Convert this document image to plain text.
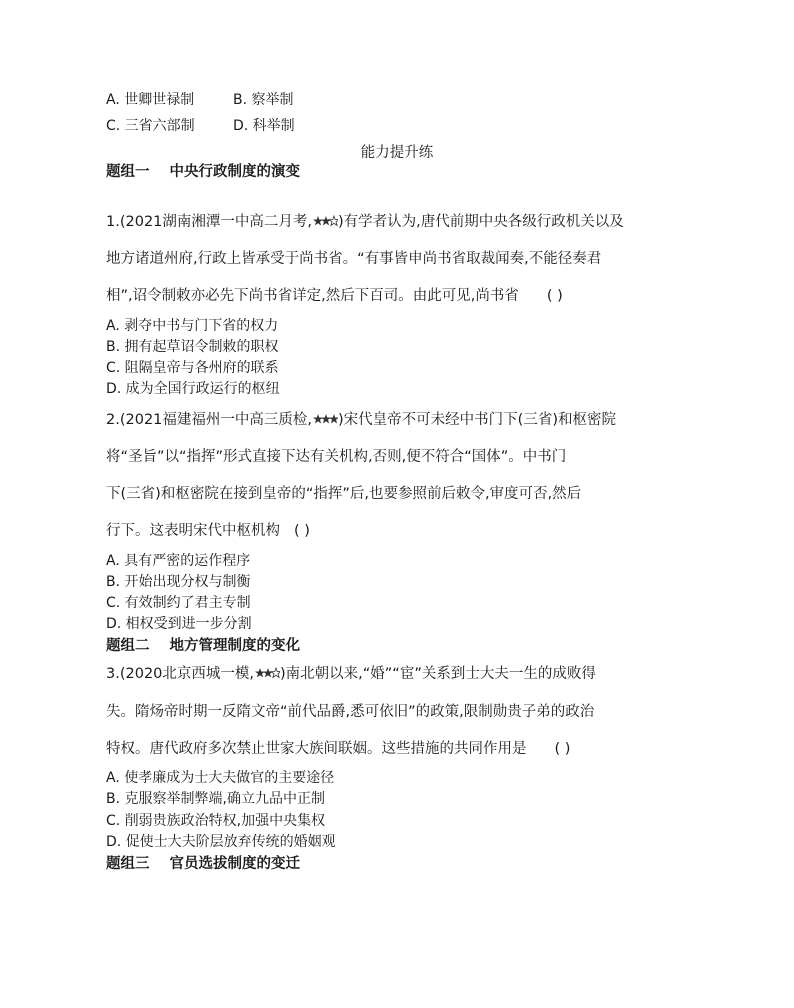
A. 世卿世禄制	B. 察举制
C. 三省六部制	D. 科举制
能力提升练
题组一 中央行政制度的演变
1.(2021湖南湘潭一中高二月考, )有学者认为,唐代前期中央各级行政机关以及
地方诸道州府,行政上皆承受于尚书省。“有事皆申尚书省取裁闻奏,不能径奏君
相”,诏令制敕亦必先下尚书省详定,然后下百司。由此可见,尚书省 ( )
A. 剥夺中书与门下省的权力
B. 拥有起草诏令制敕的职权
C. 阻隔皇帝与各州府的联系
D. 成为全国行政运行的枢纽
2.(2021福建福州一中高三质检, )宋代皇帝不可未经中书门下(三省)和枢密院
将“圣旨”以“指挥”形式直接下达有关机构,否则,便不符合“国体”。中书门
下(三省)和枢密院在接到皇帝的“指挥”后,也要参照前后敕令,审度可否,然后
行下。这表明宋代中枢机构 ( )
A. 具有严密的运作程序
B. 开始出现分权与制衡
C. 有效制约了君主专制
D. 相权受到进一步分割
题组二 地方管理制度的变化
3.(2020北京西城一模, )南北朝以来,“婚”“宦”关系到士大夫一生的成败得
失。隋炀帝时期一反隋文帝“前代品爵,悉可依旧”的政策,限制勋贵子弟的政治
特权。唐代政府多次禁止世家大族间联姻。这些措施的共同作用是 ( )
A. 使孝廉成为士大夫做官的主要途径
B. 克服察举制弊端,确立九品中正制
C. 削弱贵族政治特权,加强中央集权
D. 促使士大夫阶层放弃传统的婚姻观
题组三 官员选拔制度的变迁
